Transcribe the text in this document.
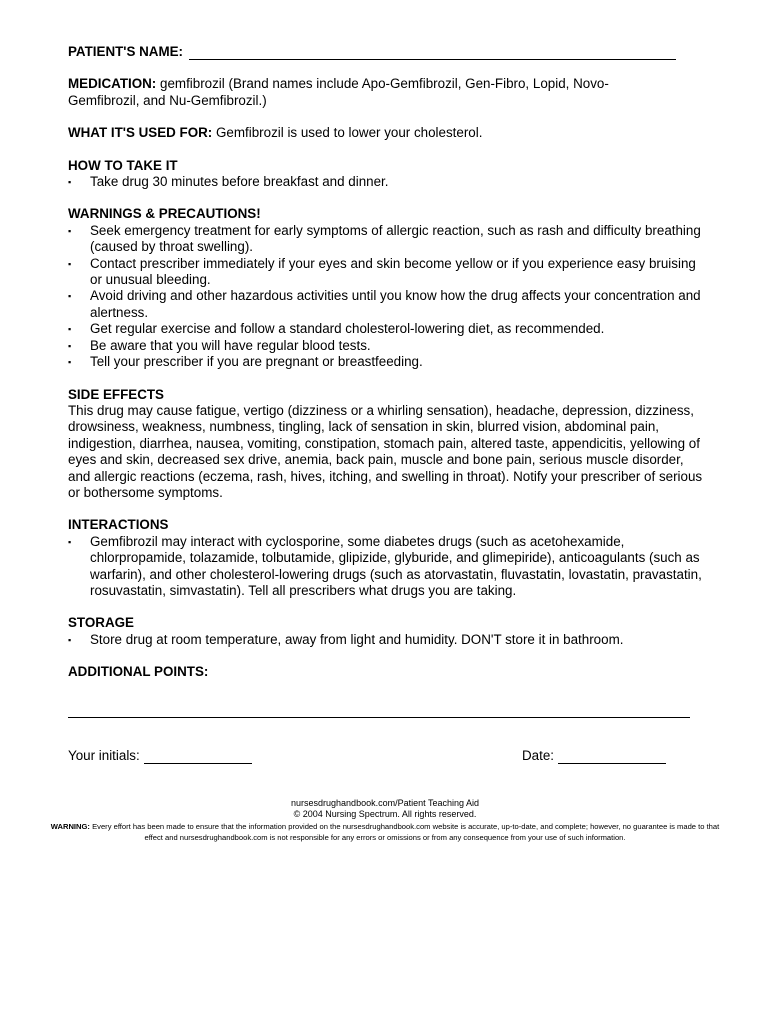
PATIENT'S NAME:

MEDICATION: gemfibrozil (Brand names include Apo-Gemfibrozil, Gen-Fibro, Lopid, Novo-Gemfibrozil, and Nu-Gemfibrozil.)

WHAT IT'S USED FOR: Gemfibrozil is used to lower your cholesterol.

HOW TO TAKE IT
▪ Take drug 30 minutes before breakfast and dinner.
WARNINGS & PRECAUTIONS!
▪ Seek emergency treatment for early symptoms of allergic reaction, such as rash and difficulty breathing (caused by throat swelling).
▪ Contact prescriber immediately if your eyes and skin become yellow or if you experience easy bruising or unusual bleeding.
▪ Avoid driving and other hazardous activities until you know how the drug affects your concentration and alertness.
▪ Get regular exercise and follow a standard cholesterol-lowering diet, as recommended.
▪ Be aware that you will have regular blood tests.
▪ Tell your prescriber if you are pregnant or breastfeeding.
SIDE EFFECTS

This drug may cause fatigue, vertigo (dizziness or a whirling sensation), headache, depression, dizziness, drowsiness, weakness, numbness, tingling, lack of sensation in skin, blurred vision, abdominal pain, indigestion, diarrhea, nausea, vomiting, constipation, stomach pain, altered taste, appendicitis, yellowing of eyes and skin, decreased sex drive, anemia, back pain, muscle and bone pain, serious muscle disorder, and allergic reactions (eczema, rash, hives, itching, and swelling in throat). Notify your prescriber of serious or bothersome symptoms.

INTERACTIONS
▪ Gemfibrozil may interact with cyclosporine, some diabetes drugs (such as acetohexamide, chlorpropamide, tolazamide, tolbutamide, glipizide, glyburide, and glimepiride), anticoagulants (such as warfarin), and other cholesterol-lowering drugs (such as atorvastatin, fluvastatin, lovastatin, pravastatin, rosuvastatin, simvastatin). Tell all prescribers what drugs you are taking.
STORAGE
▪ Store drug at room temperature, away from light and humidity. DON'T store it in bathroom.
ADDITIONAL POINTS:
Your initials:	Date:
nursesdrughandbook.com/Patient Teaching Aid
© 2004 Nursing Spectrum. All rights reserved.
WARNING: Every effort has been made to ensure that the information provided on the nursesdrughandbook.com website is accurate, up-to-date, and complete; however, no guarantee is made to that effect and nursesdrughandbook.com is not responsible for any errors or omissions or from any consequence from your use of such information.
